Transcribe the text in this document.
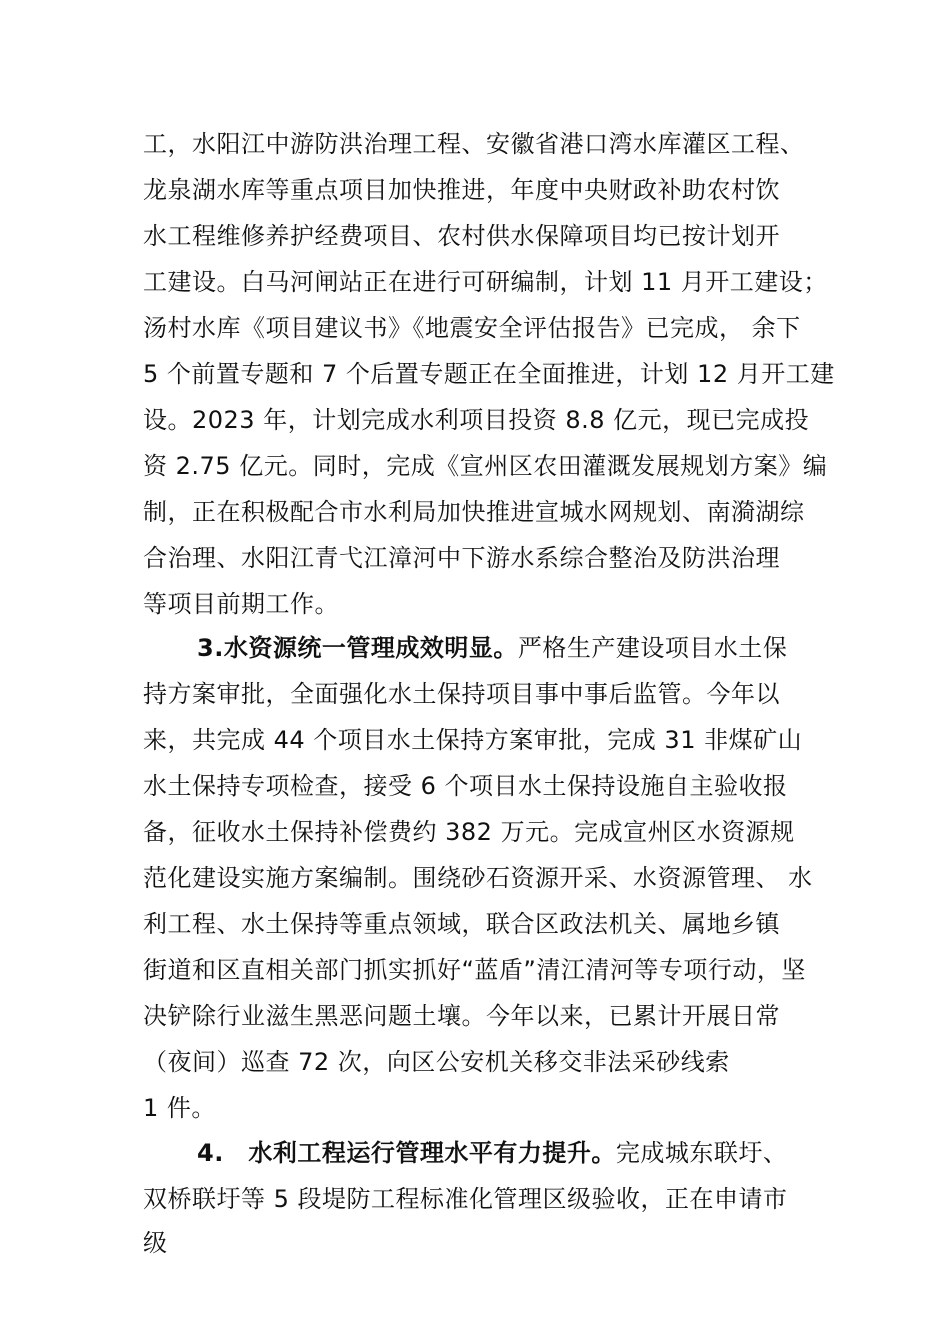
工，水阳江中游防洪治理工程、安徽省港口湾水库灌区工程、
龙泉湖水库等重点项目加快推进，年度中央财政补助农村饮
水工程维修养护经费项目、农村供水保障项目均已按计划开
工建设。白马河闸站正在进行可研编制，计划 11 月开工建设；
汤村水库《项目建议书》《地震安全评估报告》已完成， 余下
5 个前置专题和 7 个后置专题正在全面推进，计划 12 月开工建
设。2023 年，计划完成水利项目投资 8.8 亿元，现已完成投
资 2.75 亿元。同时，完成《宣州区农田灌溉发展规划方案》编
制，正在积极配合市水利局加快推进宣城水网规划、南漪湖综
合治理、水阳江青弋江漳河中下游水系综合整治及防洪治理
等项目前期工作。
3.水资源统一管理成效明显。严格生产建设项目水土保
持方案审批，全面强化水土保持项目事中事后监管。今年以
来，共完成 44 个项目水土保持方案审批，完成 31 非煤矿山
水土保持专项检查，接受 6 个项目水土保持设施自主验收报
备，征收水土保持补偿费约 382 万元。完成宣州区水资源规
范化建设实施方案编制。围绕砂石资源开采、水资源管理、 水
利工程、水土保持等重点领域，联合区政法机关、属地乡镇
街道和区直相关部门抓实抓好“蓝盾”清江清河等专项行动，坚
决铲除行业滋生黑恶问题土壤。今年以来，已累计开展日常
（夜间）巡查 72 次，向区公安机关移交非法采砂线索
1 件。
4.　水利工程运行管理水平有力提升。完成城东联圩、
双桥联圩等 5 段堤防工程标准化管理区级验收，正在申请市
级
